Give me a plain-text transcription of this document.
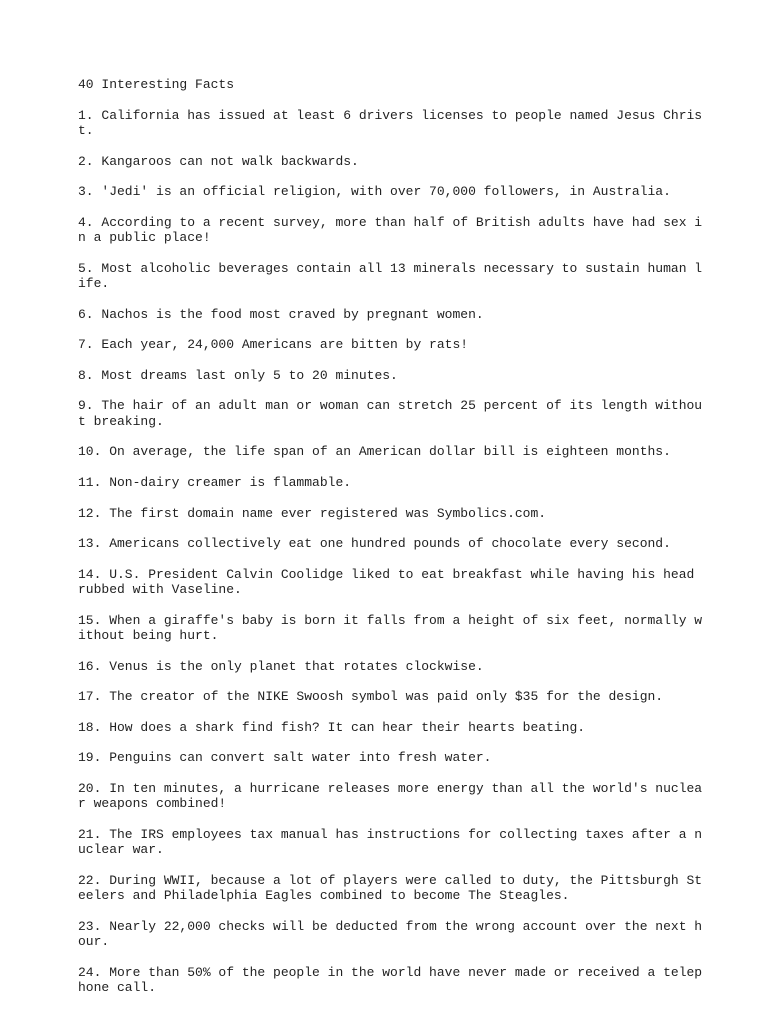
40 Interesting Facts
1. California has issued at least 6 drivers licenses to people named Jesus Chris
t.
2. Kangaroos can not walk backwards.
3. 'Jedi' is an official religion, with over 70,000 followers, in Australia.
4. According to a recent survey, more than half of British adults have had sex i
n a public place!
5. Most alcoholic beverages contain all 13 minerals necessary to sustain human l
ife.
6. Nachos is the food most craved by pregnant women.
7. Each year, 24,000 Americans are bitten by rats!
8. Most dreams last only 5 to 20 minutes.
9. The hair of an adult man or woman can stretch 25 percent of its length withou
t breaking.
10. On average, the life span of an American dollar bill is eighteen months.
11. Non-dairy creamer is flammable.
12. The first domain name ever registered was Symbolics.com.
13. Americans collectively eat one hundred pounds of chocolate every second.
14. U.S. President Calvin Coolidge liked to eat breakfast while having his head
rubbed with Vaseline.
15. When a giraffe's baby is born it falls from a height of six feet, normally w
ithout being hurt.
16. Venus is the only planet that rotates clockwise.
17. The creator of the NIKE Swoosh symbol was paid only $35 for the design.
18. How does a shark find fish? It can hear their hearts beating.
19. Penguins can convert salt water into fresh water.
20. In ten minutes, a hurricane releases more energy than all the world's nuclea
r weapons combined!
21. The IRS employees tax manual has instructions for collecting taxes after a n
uclear war.
22. During WWII, because a lot of players were called to duty, the Pittsburgh St
eelers and Philadelphia Eagles combined to become The Steagles.
23. Nearly 22,000 checks will be deducted from the wrong account over the next h
our.
24. More than 50% of the people in the world have never made or received a telep
hone call.
